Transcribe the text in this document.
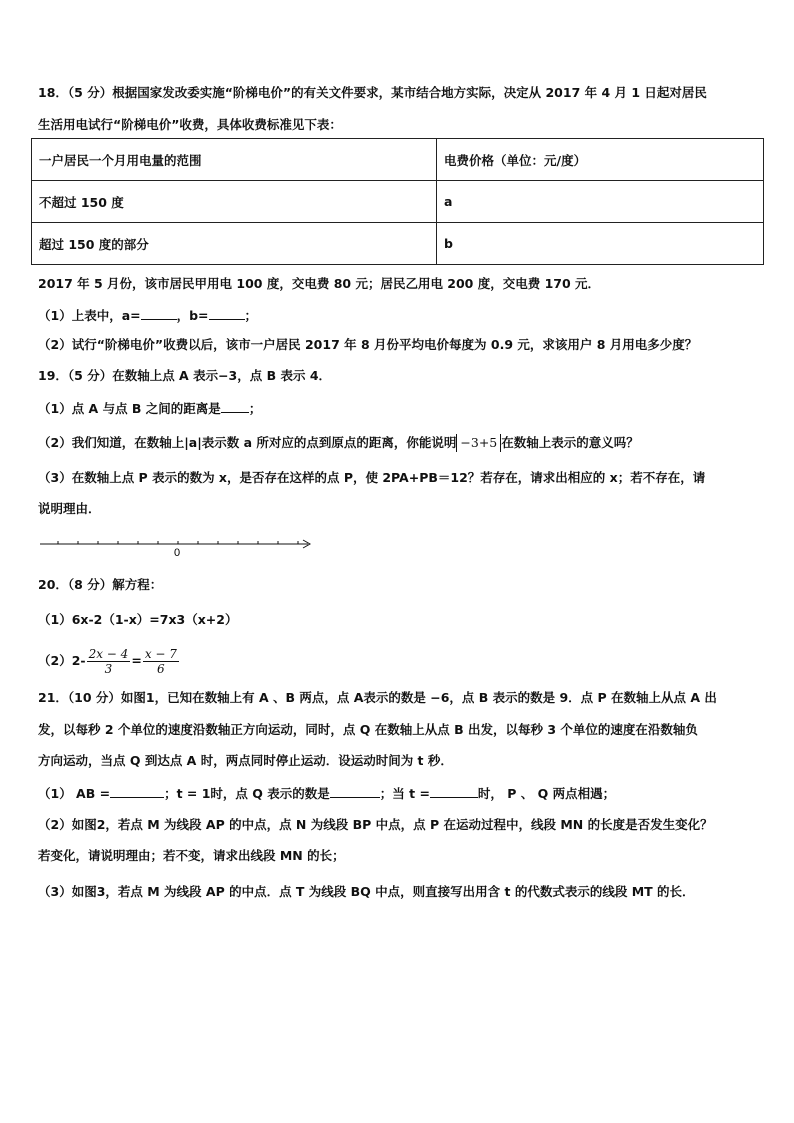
18．（5 分）根据国家发改委实施“阶梯电价”的有关文件要求，某市结合地方实际，决定从 2017 年 4 月 1 日起对居民
生活用电试行“阶梯电价”收费，具体收费标准见下表：
一户居民一个月用电量的范围	电费价格（单位：元/度）
不超过 150 度	a
超过 150 度的部分	b
2017 年 5 月份，该市居民甲用电 100 度，交电费 80 元；居民乙用电 200 度，交电费 170 元．
（1）上表中，a=	，b=	；
（2）试行“阶梯电价”收费以后，该市一户居民 2017 年 8 月份平均电价每度为 0.9 元，求该用户 8 月用电多少度？
19．（5 分）在数轴上点 A 表示−3，点 B 表示 4．
（1）点 A 与点 B 之间的距离是 ；
（2）我们知道，在数轴上|a|表示数 a 所对应的点到原点的距离，你能说明 −3+5 在数轴上表示的意义吗？
（3）在数轴上点 P 表示的数为 x，是否存在这样的点 P，使 2PA+PB＝12？若存在，请求出相应的 x；若不存在，请
说明理由．
0
20．（8 分）解方程：
（1）6x-2（1-x）=7x3（x+2）
$(2)2- \frac{2x - 4}{3} = \frac{x - 7}{6}$
21．（10 分）如图1，已知在数轴上有 A 、B 两点，点 A表示的数是 −6，点 B 表示的数是 9．点 P 在数轴上从点 A 出
发，以每秒 2 个单位的速度沿数轴正方向运动，同时，点 Q 在数轴上从点 B 出发，以每秒 3 个单位的速度在沿数轴负
方向运动，当点 Q 到达点 A 时，两点同时停止运动．设运动时间为 t 秒．
（1） AB =	；t = 1时，点 Q 表示的数是	；当 t =	时， P 、 Q 两点相遇；
（2）如图2，若点 M 为线段 AP 的中点，点 N 为线段 BP 中点，点 P 在运动过程中，线段 MN 的长度是否发生变化？
若变化，请说明理由；若不变，请求出线段 MN 的长；
（3）如图3，若点 M 为线段 AP 的中点．点 T 为线段 BQ 中点，则直接写出用含 t 的代数式表示的线段 MT 的长．
